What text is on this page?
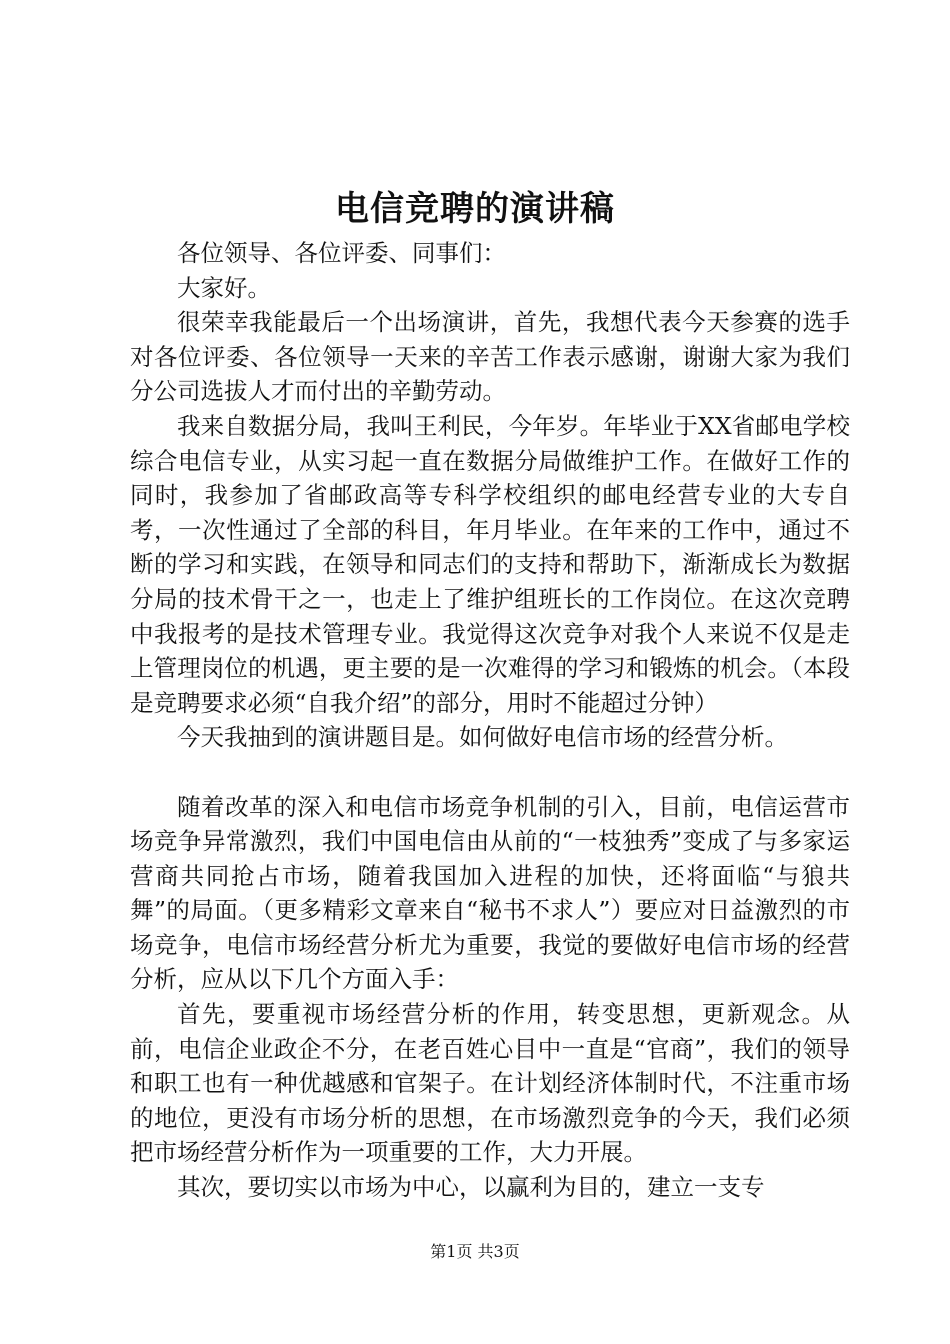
电信竞聘的演讲稿

各位领导、各位评委、同事们：

大家好。

很荣幸我能最后一个出场演讲，首先，我想代表今天参赛的选手对各位评委、各位领导一天来的辛苦工作表示感谢，谢谢大家为我们分公司选拔人才而付出的辛勤劳动。

我来自数据分局，我叫王利民，今年岁。年毕业于XX省邮电学校综合电信专业，从实习起一直在数据分局做维护工作。在做好工作的同时，我参加了省邮政高等专科学校组织的邮电经营专业的大专自考，一次性通过了全部的科目，年月毕业。在年来的工作中，通过不断的学习和实践，在领导和同志们的支持和帮助下，渐渐成长为数据分局的技术骨干之一，也走上了维护组班长的工作岗位。在这次竞聘中我报考的是技术管理专业。我觉得这次竞争对我个人来说不仅是走上管理岗位的机遇，更主要的是一次难得的学习和锻炼的机会。（本段是竞聘要求必须“自我介绍”的部分，用时不能超过分钟）

今天我抽到的演讲题目是。如何做好电信市场的经营分析。

随着改革的深入和电信市场竞争机制的引入，目前，电信运营市场竞争异常激烈，我们中国电信由从前的“一枝独秀”变成了与多家运营商共同抢占市场，随着我国加入进程的加快，还将面临“与狼共舞”的局面。（更多精彩文章来自“秘书不求人”）要应对日益激烈的市场竞争，电信市场经营分析尤为重要，我觉的要做好电信市场的经营分析，应从以下几个方面入手：

首先，要重视市场经营分析的作用，转变思想，更新观念。从前，电信企业政企不分，在老百姓心目中一直是“官商”，我们的领导和职工也有一种优越感和官架子。在计划经济体制时代，不注重市场的地位，更没有市场分析的思想，在市场激烈竞争的今天，我们必须把市场经营分析作为一项重要的工作，大力开展。

其次，要切实以市场为中心，以赢利为目的，建立一支专

第1页 共3页
